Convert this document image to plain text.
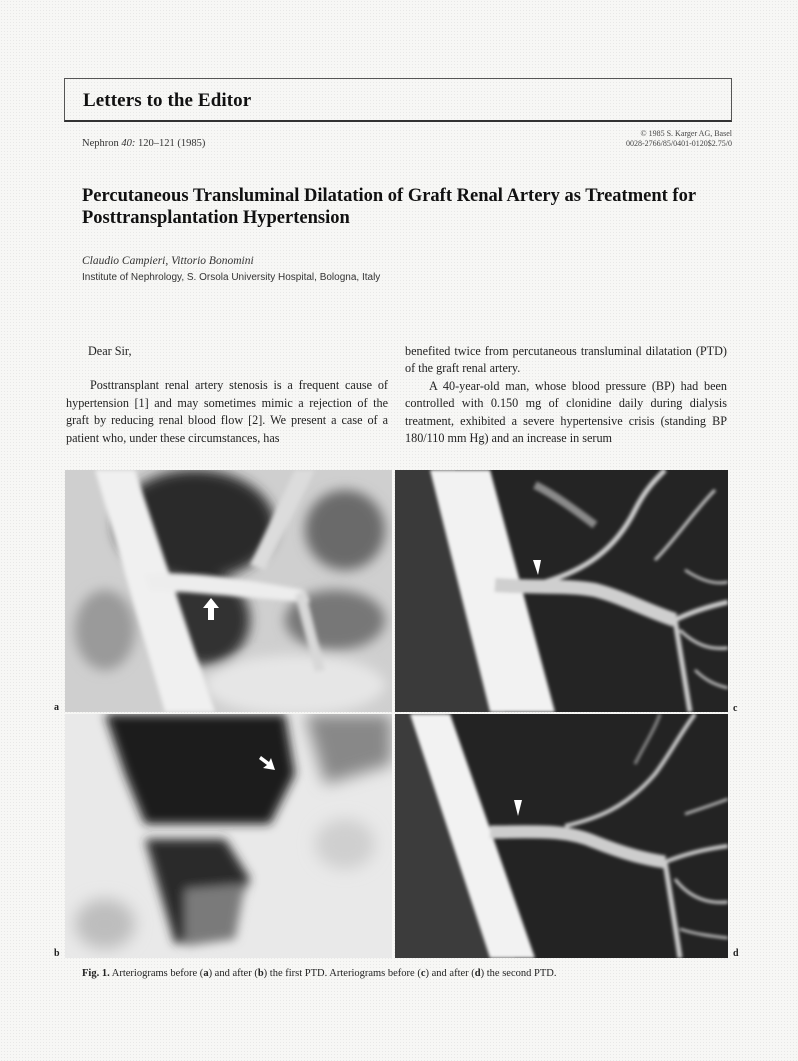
Letters to the Editor
Nephron 40: 120–121 (1985)
© 1985 S. Karger AG, Basel
0028-2766/85/0401-0120$2.75/0
Percutaneous Transluminal Dilatation of Graft Renal Artery as Treatment for Posttransplantation Hypertension
Claudio Campieri, Vittorio Bonomini
Institute of Nephrology, S. Orsola University Hospital, Bologna, Italy

Dear Sir,

Posttransplant renal artery stenosis is a frequent cause of hypertension [1] and may sometimes mimic a rejection of the graft by reducing renal blood flow [2]. We present a case of a patient who, under these circumstances, has

benefited twice from percutaneous transluminal dilatation (PTD) of the graft renal artery.

A 40-year-old man, whose blood pressure (BP) had been controlled with 0.150 mg of clonidine daily during dialysis treatment, exhibited a severe hypertensive crisis (standing BP 180/110 mm Hg) and an increase in serum

a	c
b	d
Fig. 1. Arteriograms before (a) and after (b) the first PTD. Arteriograms before (c) and after (d) the second PTD.
